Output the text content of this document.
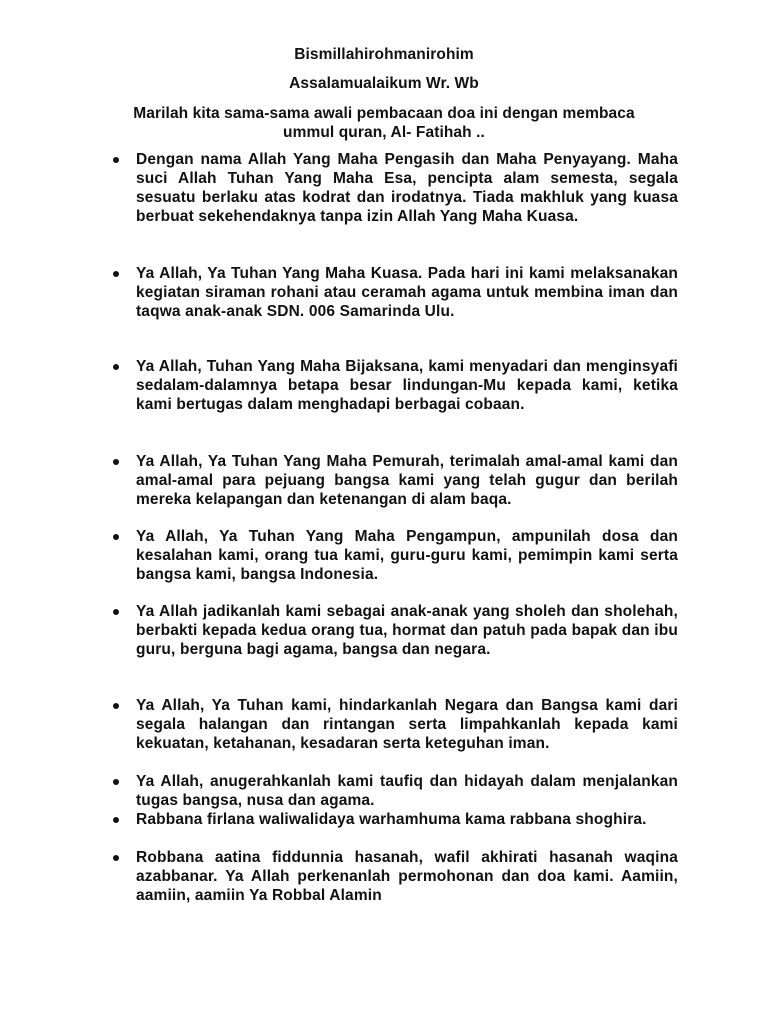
Bismillahirohmanirohim
Assalamualaikum Wr. Wb
Marilah kita sama-sama awali pembacaan doa ini dengan membaca
ummul quran, Al- Fatihah ..
Dengan nama Allah Yang Maha Pengasih dan Maha Penyayang. Maha suci Allah Tuhan Yang Maha Esa, pencipta alam semesta, segala sesuatu berlaku atas kodrat dan irodatnya. Tiada makhluk yang kuasa berbuat sekehendaknya tanpa izin Allah Yang Maha Kuasa.
Ya Allah, Ya Tuhan Yang Maha Kuasa. Pada hari ini kami melaksanakan kegiatan siraman rohani atau ceramah agama untuk membina iman dan taqwa anak-anak SDN. 006 Samarinda Ulu.
Ya Allah, Tuhan Yang Maha Bijaksana, kami menyadari dan menginsyafi sedalam-dalamnya betapa besar lindungan-Mu kepada kami, ketika kami bertugas dalam menghadapi berbagai cobaan.
Ya Allah, Ya Tuhan Yang Maha Pemurah, terimalah amal-amal kami dan amal-amal para pejuang bangsa kami yang telah gugur dan berilah mereka kelapangan dan ketenangan di alam baqa.
Ya Allah, Ya Tuhan Yang Maha Pengampun, ampunilah dosa dan kesalahan kami, orang tua kami, guru-guru kami, pemimpin kami serta bangsa kami, bangsa Indonesia.
Ya Allah jadikanlah kami sebagai anak-anak yang sholeh dan sholehah, berbakti kepada kedua orang tua, hormat dan patuh pada bapak dan ibu guru, berguna bagi agama, bangsa dan negara.
Ya Allah, Ya Tuhan kami, hindarkanlah Negara dan Bangsa kami dari segala halangan dan rintangan serta limpahkanlah kepada kami kekuatan, ketahanan, kesadaran serta keteguhan iman.
Ya Allah, anugerahkanlah kami taufiq dan hidayah dalam menjalankan tugas bangsa, nusa dan agama.
Rabbana firlana waliwalidaya warhamhuma kama rabbana shoghira.
Robbana aatina fiddunnia hasanah, wafil akhirati hasanah waqina azabbanar. Ya Allah perkenanlah permohonan dan doa kami. Aamiin, aamiin, aamiin Ya Robbal Alamin
